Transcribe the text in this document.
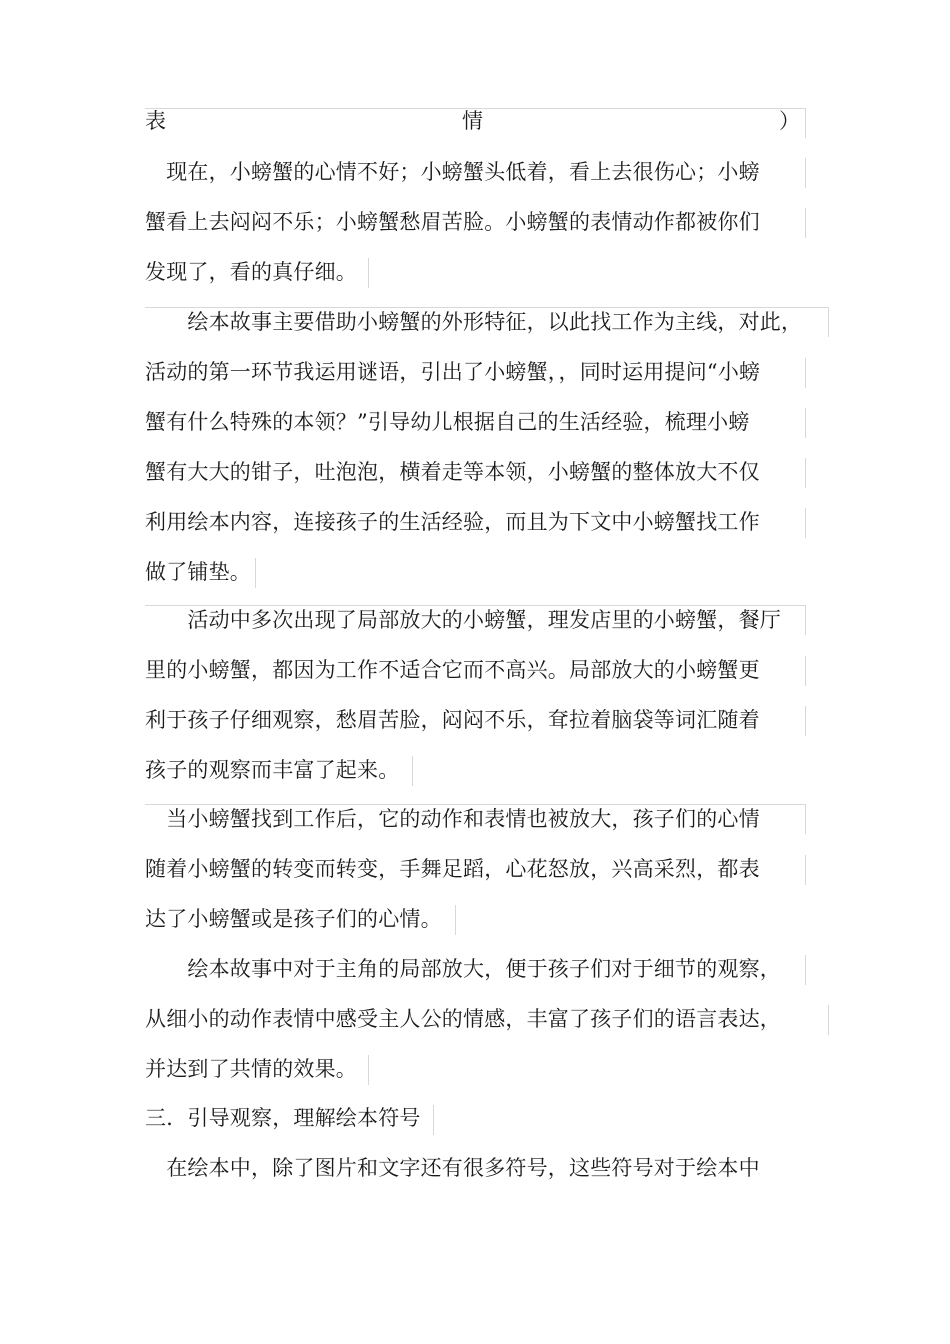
表	情	）
　现在，小螃蟹的心情不好；小螃蟹头低着，看上去很伤心；小螃
蟹看上去闷闷不乐；小螃蟹愁眉苦脸。小螃蟹的表情动作都被你们
发现了，看的真仔细。
　　绘本故事主要借助小螃蟹的外形特征，以此找工作为主线，对此，
活动的第一环节我运用谜语，引出了小螃蟹，，同时运用提问“小螃
蟹有什么特殊的本领？”引导幼儿根据自己的生活经验，梳理小螃
蟹有大大的钳子，吐泡泡，横着走等本领，小螃蟹的整体放大不仅
利用绘本内容，连接孩子的生活经验，而且为下文中小螃蟹找工作
做了铺垫。
　　活动中多次出现了局部放大的小螃蟹，理发店里的小螃蟹，餐厅
里的小螃蟹，都因为工作不适合它而不高兴。局部放大的小螃蟹更
利于孩子仔细观察，愁眉苦脸，闷闷不乐，耷拉着脑袋等词汇随着
孩子的观察而丰富了起来。
　当小螃蟹找到工作后，它的动作和表情也被放大，孩子们的心情
随着小螃蟹的转变而转变，手舞足蹈，心花怒放，兴高采烈，都表
达了小螃蟹或是孩子们的心情。
　　绘本故事中对于主角的局部放大，便于孩子们对于细节的观察，
从细小的动作表情中感受主人公的情感，丰富了孩子们的语言表达，
并达到了共情的效果。
三．引导观察，理解绘本符号
　在绘本中，除了图片和文字还有很多符号，这些符号对于绘本中
